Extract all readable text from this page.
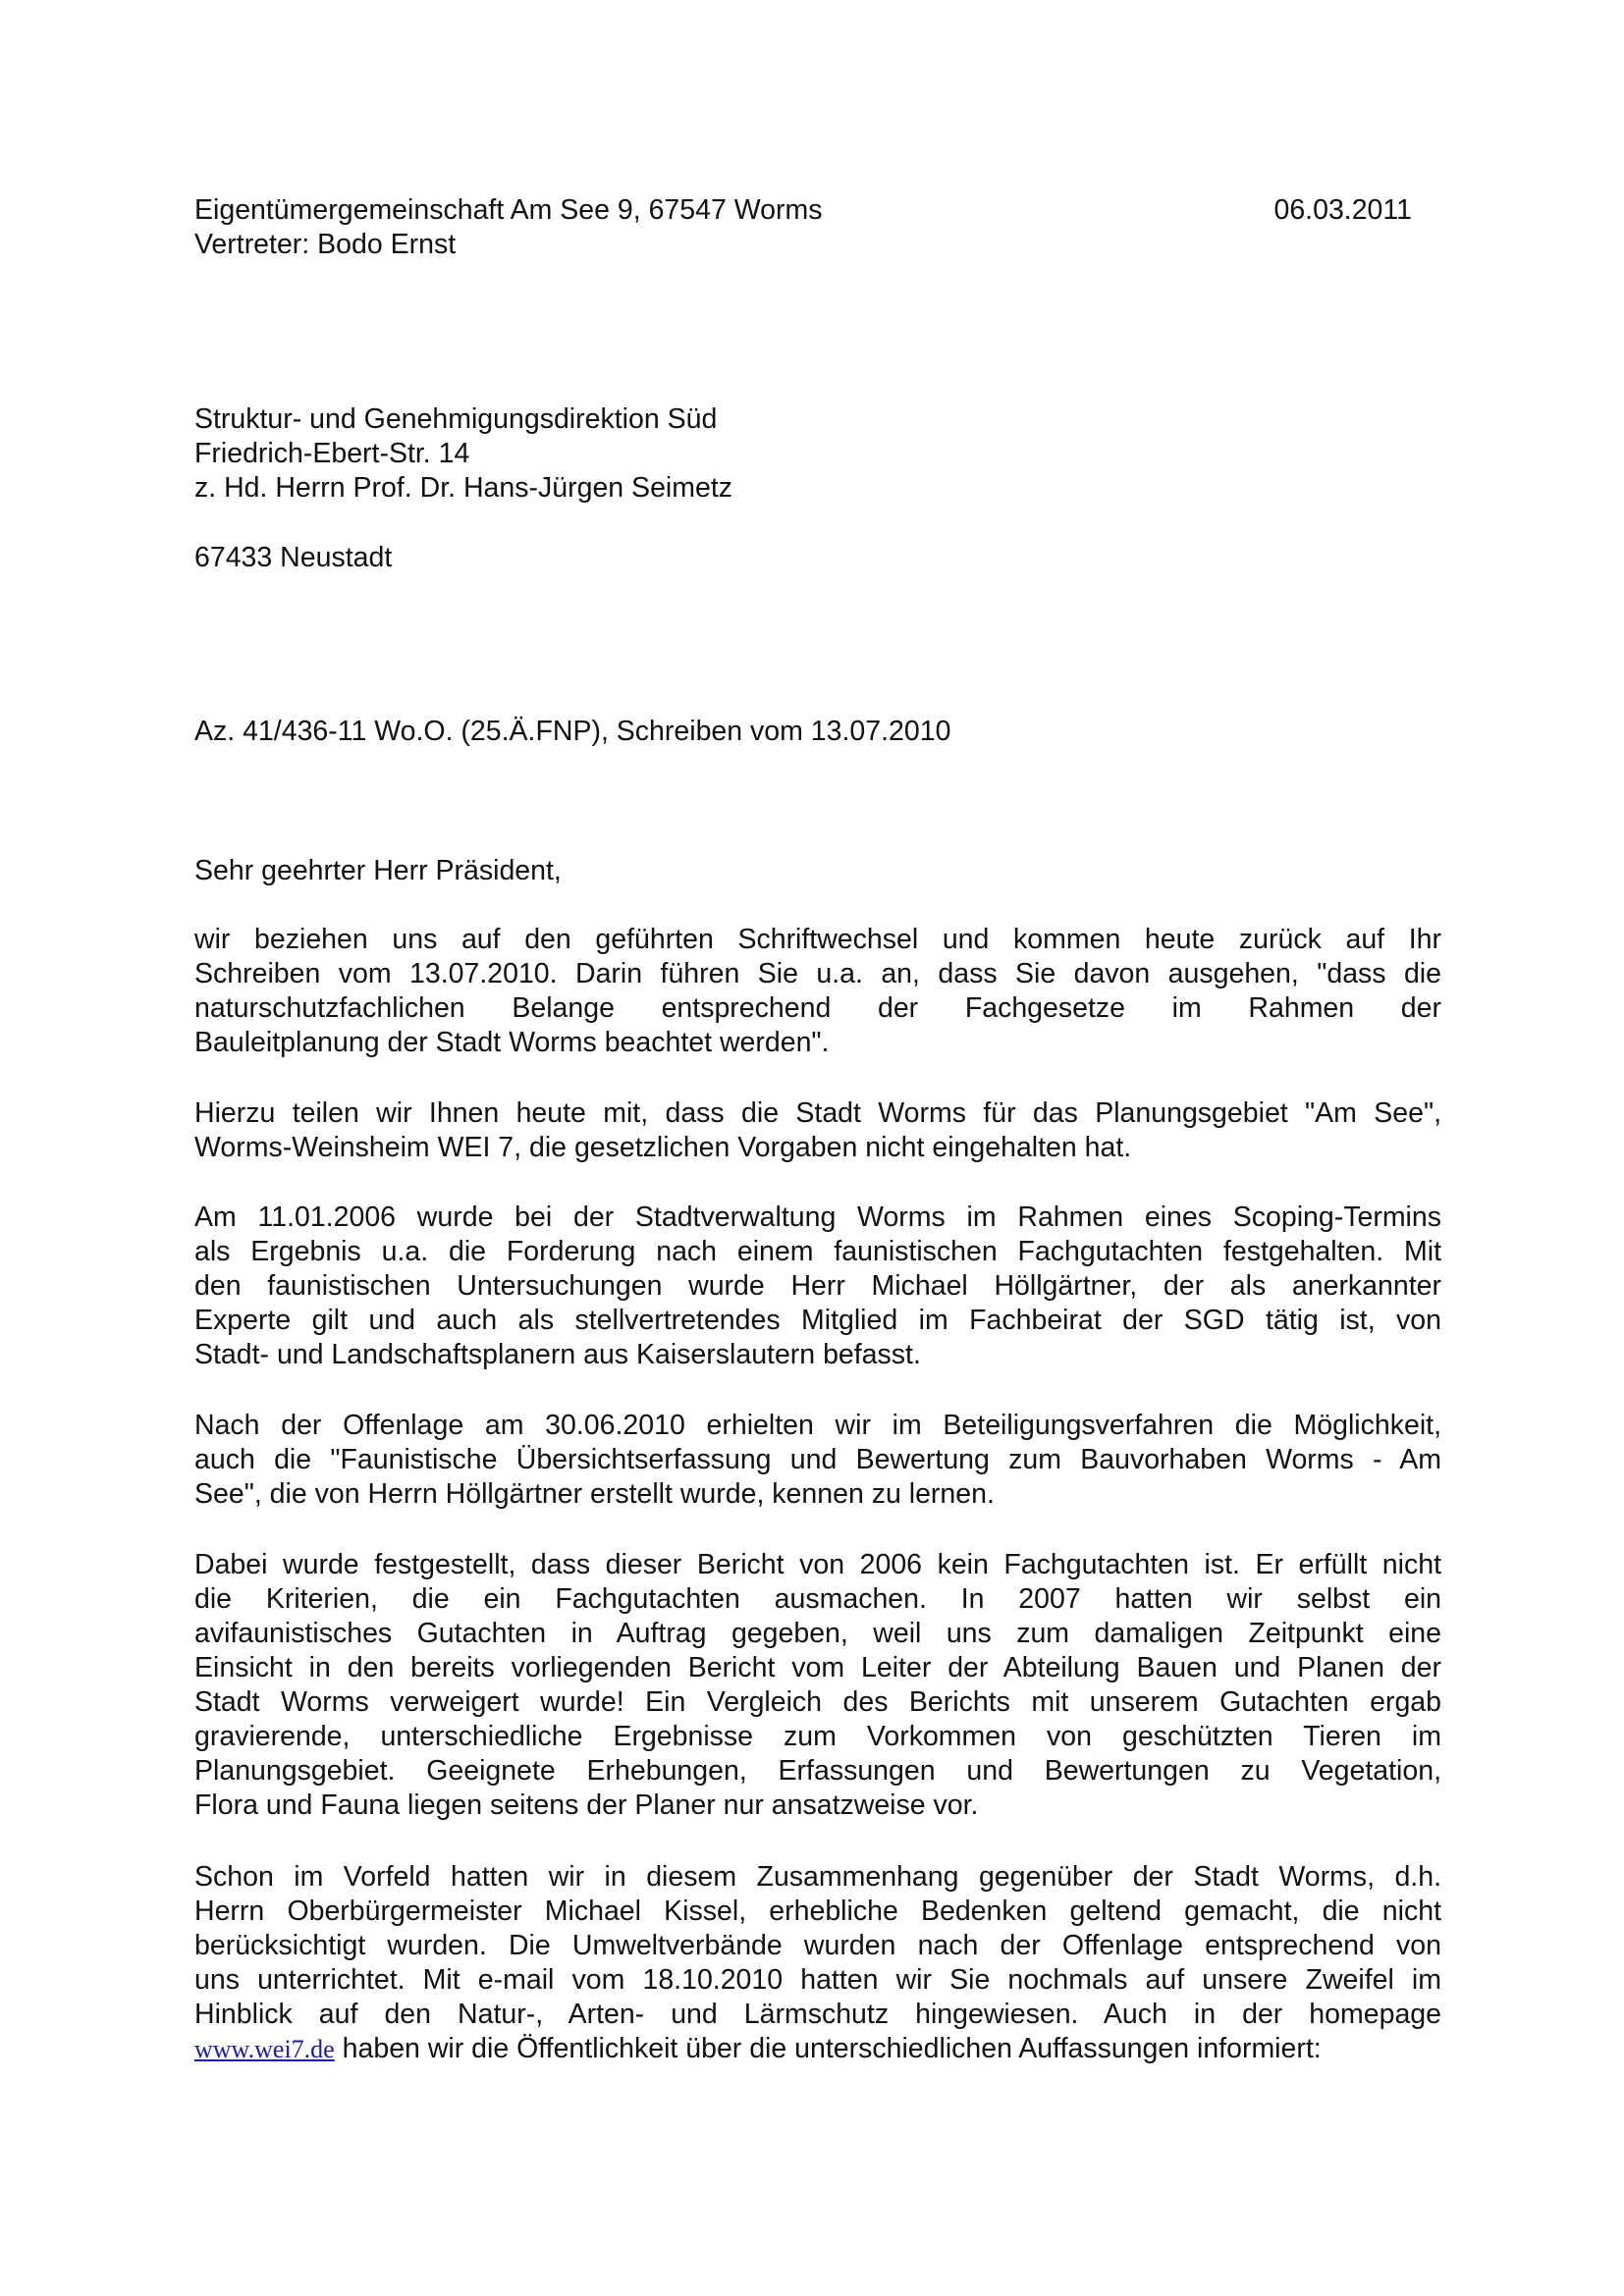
Eigentümergemeinschaft Am See 9, 67547 Worms	06.03.2011
Vertreter: Bodo Ernst
Struktur- und Genehmigungsdirektion Süd
Friedrich-Ebert-Str. 14
z. Hd. Herrn Prof. Dr. Hans-Jürgen Seimetz
67433 Neustadt
Az. 41/436-11 Wo.O. (25.Ä.FNP), Schreiben vom 13.07.2010
Sehr geehrter Herr Präsident,
wir beziehen uns auf den geführten Schriftwechsel und kommen heute zurück auf Ihr
Schreiben vom 13.07.2010. Darin führen Sie u.a. an, dass Sie davon ausgehen, "dass die
naturschutzfachlichen Belange entsprechend der Fachgesetze im Rahmen der
Bauleitplanung der Stadt Worms beachtet werden".
Hierzu teilen wir Ihnen heute mit, dass die Stadt Worms für das Planungsgebiet "Am See",
Worms-Weinsheim WEI 7, die gesetzlichen Vorgaben nicht eingehalten hat.
Am 11.01.2006 wurde bei der Stadtverwaltung Worms im Rahmen eines Scoping-Termins
als Ergebnis u.a. die Forderung nach einem faunistischen Fachgutachten festgehalten. Mit
den faunistischen Untersuchungen wurde Herr Michael Höllgärtner, der als anerkannter
Experte gilt und auch als stellvertretendes Mitglied im Fachbeirat der SGD tätig ist, von
Stadt- und Landschaftsplanern aus Kaiserslautern befasst.
Nach der Offenlage am 30.06.2010 erhielten wir im Beteiligungsverfahren die Möglichkeit,
auch die "Faunistische Übersichtserfassung und Bewertung zum Bauvorhaben Worms - Am
See", die von Herrn Höllgärtner erstellt wurde, kennen zu lernen.
Dabei wurde festgestellt, dass dieser Bericht von 2006 kein Fachgutachten ist. Er erfüllt nicht
die Kriterien, die ein Fachgutachten ausmachen. In 2007 hatten wir selbst ein
avifaunistisches Gutachten in Auftrag gegeben, weil uns zum damaligen Zeitpunkt eine
Einsicht in den bereits vorliegenden Bericht vom Leiter der Abteilung Bauen und Planen der
Stadt Worms verweigert wurde! Ein Vergleich des Berichts mit unserem Gutachten ergab
gravierende, unterschiedliche Ergebnisse zum Vorkommen von geschützten Tieren im
Planungsgebiet. Geeignete Erhebungen, Erfassungen und Bewertungen zu Vegetation,
Flora und Fauna liegen seitens der Planer nur ansatzweise vor.
Schon im Vorfeld hatten wir in diesem Zusammenhang gegenüber der Stadt Worms, d.h.
Herrn Oberbürgermeister Michael Kissel, erhebliche Bedenken geltend gemacht, die nicht
berücksichtigt wurden. Die Umweltverbände wurden nach der Offenlage entsprechend von
uns unterrichtet. Mit e-mail vom 18.10.2010 hatten wir Sie nochmals auf unsere Zweifel im
Hinblick auf den Natur-, Arten- und Lärmschutz hingewiesen. Auch in der homepage
www.wei7.de haben wir die Öffentlichkeit über die unterschiedlichen Auffassungen informiert:
